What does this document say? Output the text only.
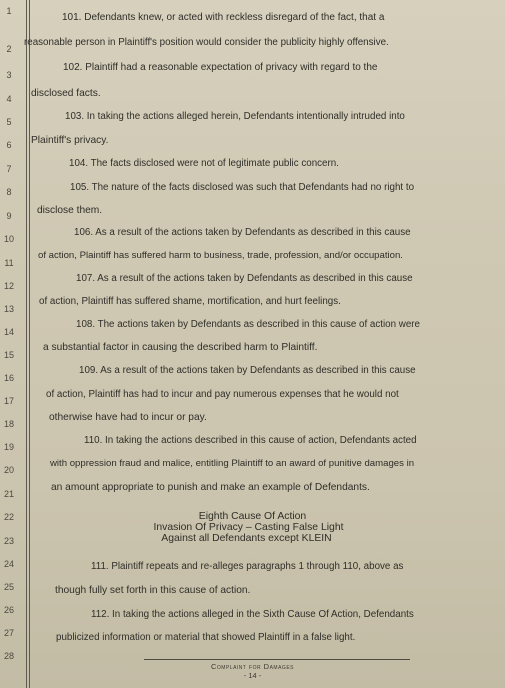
1
2
3
4
5
6
7
8
9
10
11
12
13
14
15
16
17
18
19
20
21
22
23
24
25
26
27
28
101. Defendants knew, or acted with reckless disregard of the fact, that a
reasonable person in Plaintiff's position would consider the publicity highly offensive.
102. Plaintiff had a reasonable expectation of privacy with regard to the
disclosed facts.
103. In taking the actions alleged herein, Defendants intentionally intruded into
Plaintiff's privacy.
104. The facts disclosed were not of legitimate public concern.
105. The nature of the facts disclosed was such that Defendants had no right to
disclose them.
106. As a result of the actions taken by Defendants as described in this cause
of action, Plaintiff has suffered harm to business, trade, profession, and/or occupation.
107. As a result of the actions taken by Defendants as described in this cause
of action, Plaintiff has suffered shame, mortification, and hurt feelings.
108. The actions taken by Defendants as described in this cause of action were
a substantial factor in causing the described harm to Plaintiff.
109. As a result of the actions taken by Defendants as described in this cause
of action, Plaintiff has had to incur and pay numerous expenses that he would not
otherwise have had to incur or pay.
110. In taking the actions described in this cause of action, Defendants acted
with oppression fraud and malice, entitling Plaintiff to an award of punitive damages in
an amount appropriate to punish and make an example of Defendants.
Eighth Cause Of Action
Invasion Of Privacy – Casting False Light
Against all Defendants except KLEIN
111. Plaintiff repeats and re-alleges paragraphs 1 through 110, above as
though fully set forth in this cause of action.
112. In taking the actions alleged in the Sixth Cause Of Action, Defendants
publicized information or material that showed Plaintiff in a false light.
Complaint for Damages
- 14 -
